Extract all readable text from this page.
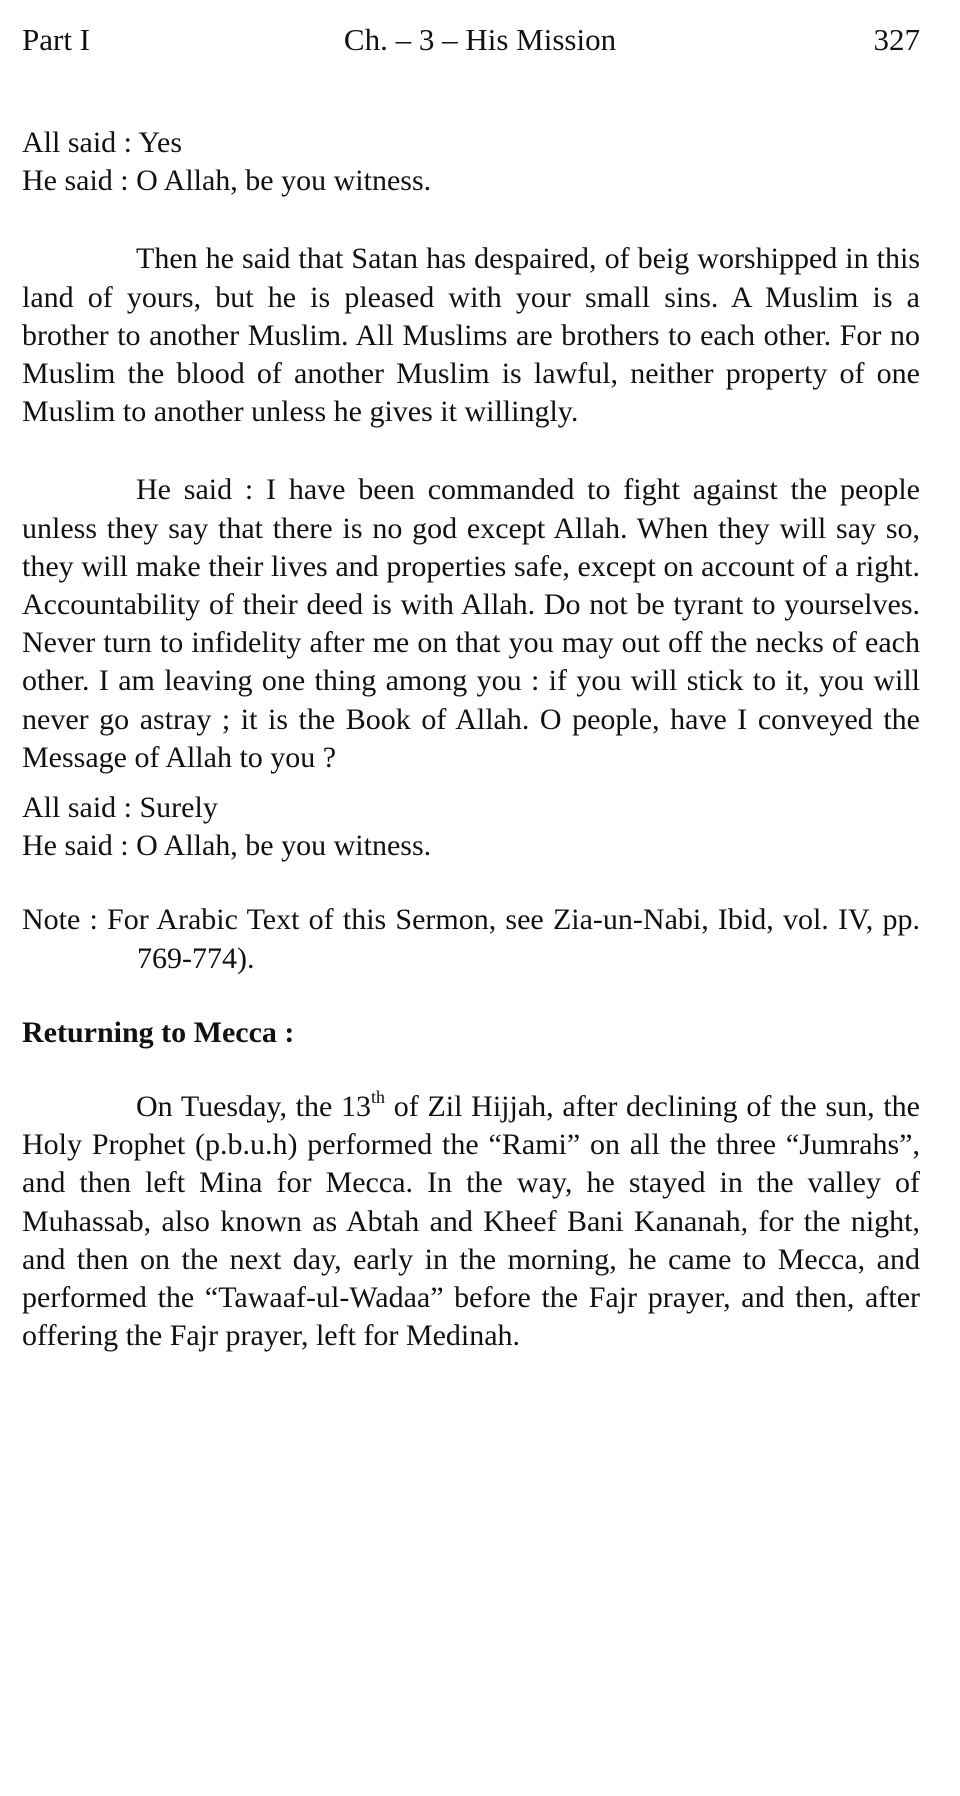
Part I	Ch. – 3 – His Mission	327

All said : Yes

He said : O Allah, be you witness.

Then he said that Satan has despaired, of beig worshipped in this land of yours, but he is pleased with your small sins. A Muslim is a brother to another Muslim. All Muslims are brothers to each other. For no Muslim the blood of another Muslim is lawful, neither property of one Muslim to another unless he gives it willingly.

He said : I have been commanded to fight against the people unless they say that there is no god except Allah. When they will say so, they will make their lives and properties safe, except on account of a right. Accountability of their deed is with Allah. Do not be tyrant to yourselves. Never turn to infidelity after me on that you may out off the necks of each other. I am leaving one thing among you : if you will stick to it, you will never go astray ; it is the Book of Allah. O people, have I conveyed the Message of Allah to you ?

All said : Surely

He said : O Allah, be you witness.

Note : For Arabic Text of this Sermon, see Zia-un-Nabi, Ibid, vol. IV, pp. 769-774).

Returning to Mecca :

On Tuesday, the 13th of Zil Hijjah, after declining of the sun, the Holy Prophet (p.b.u.h) performed the “Rami” on all the three “Jumrahs”, and then left Mina for Mecca. In the way, he stayed in the valley of Muhassab, also known as Abtah and Kheef Bani Kananah, for the night, and then on the next day, early in the morning, he came to Mecca, and performed the “Tawaaf-ul-Wadaa” before the Fajr prayer, and then, after offering the Fajr prayer, left for Medinah.
